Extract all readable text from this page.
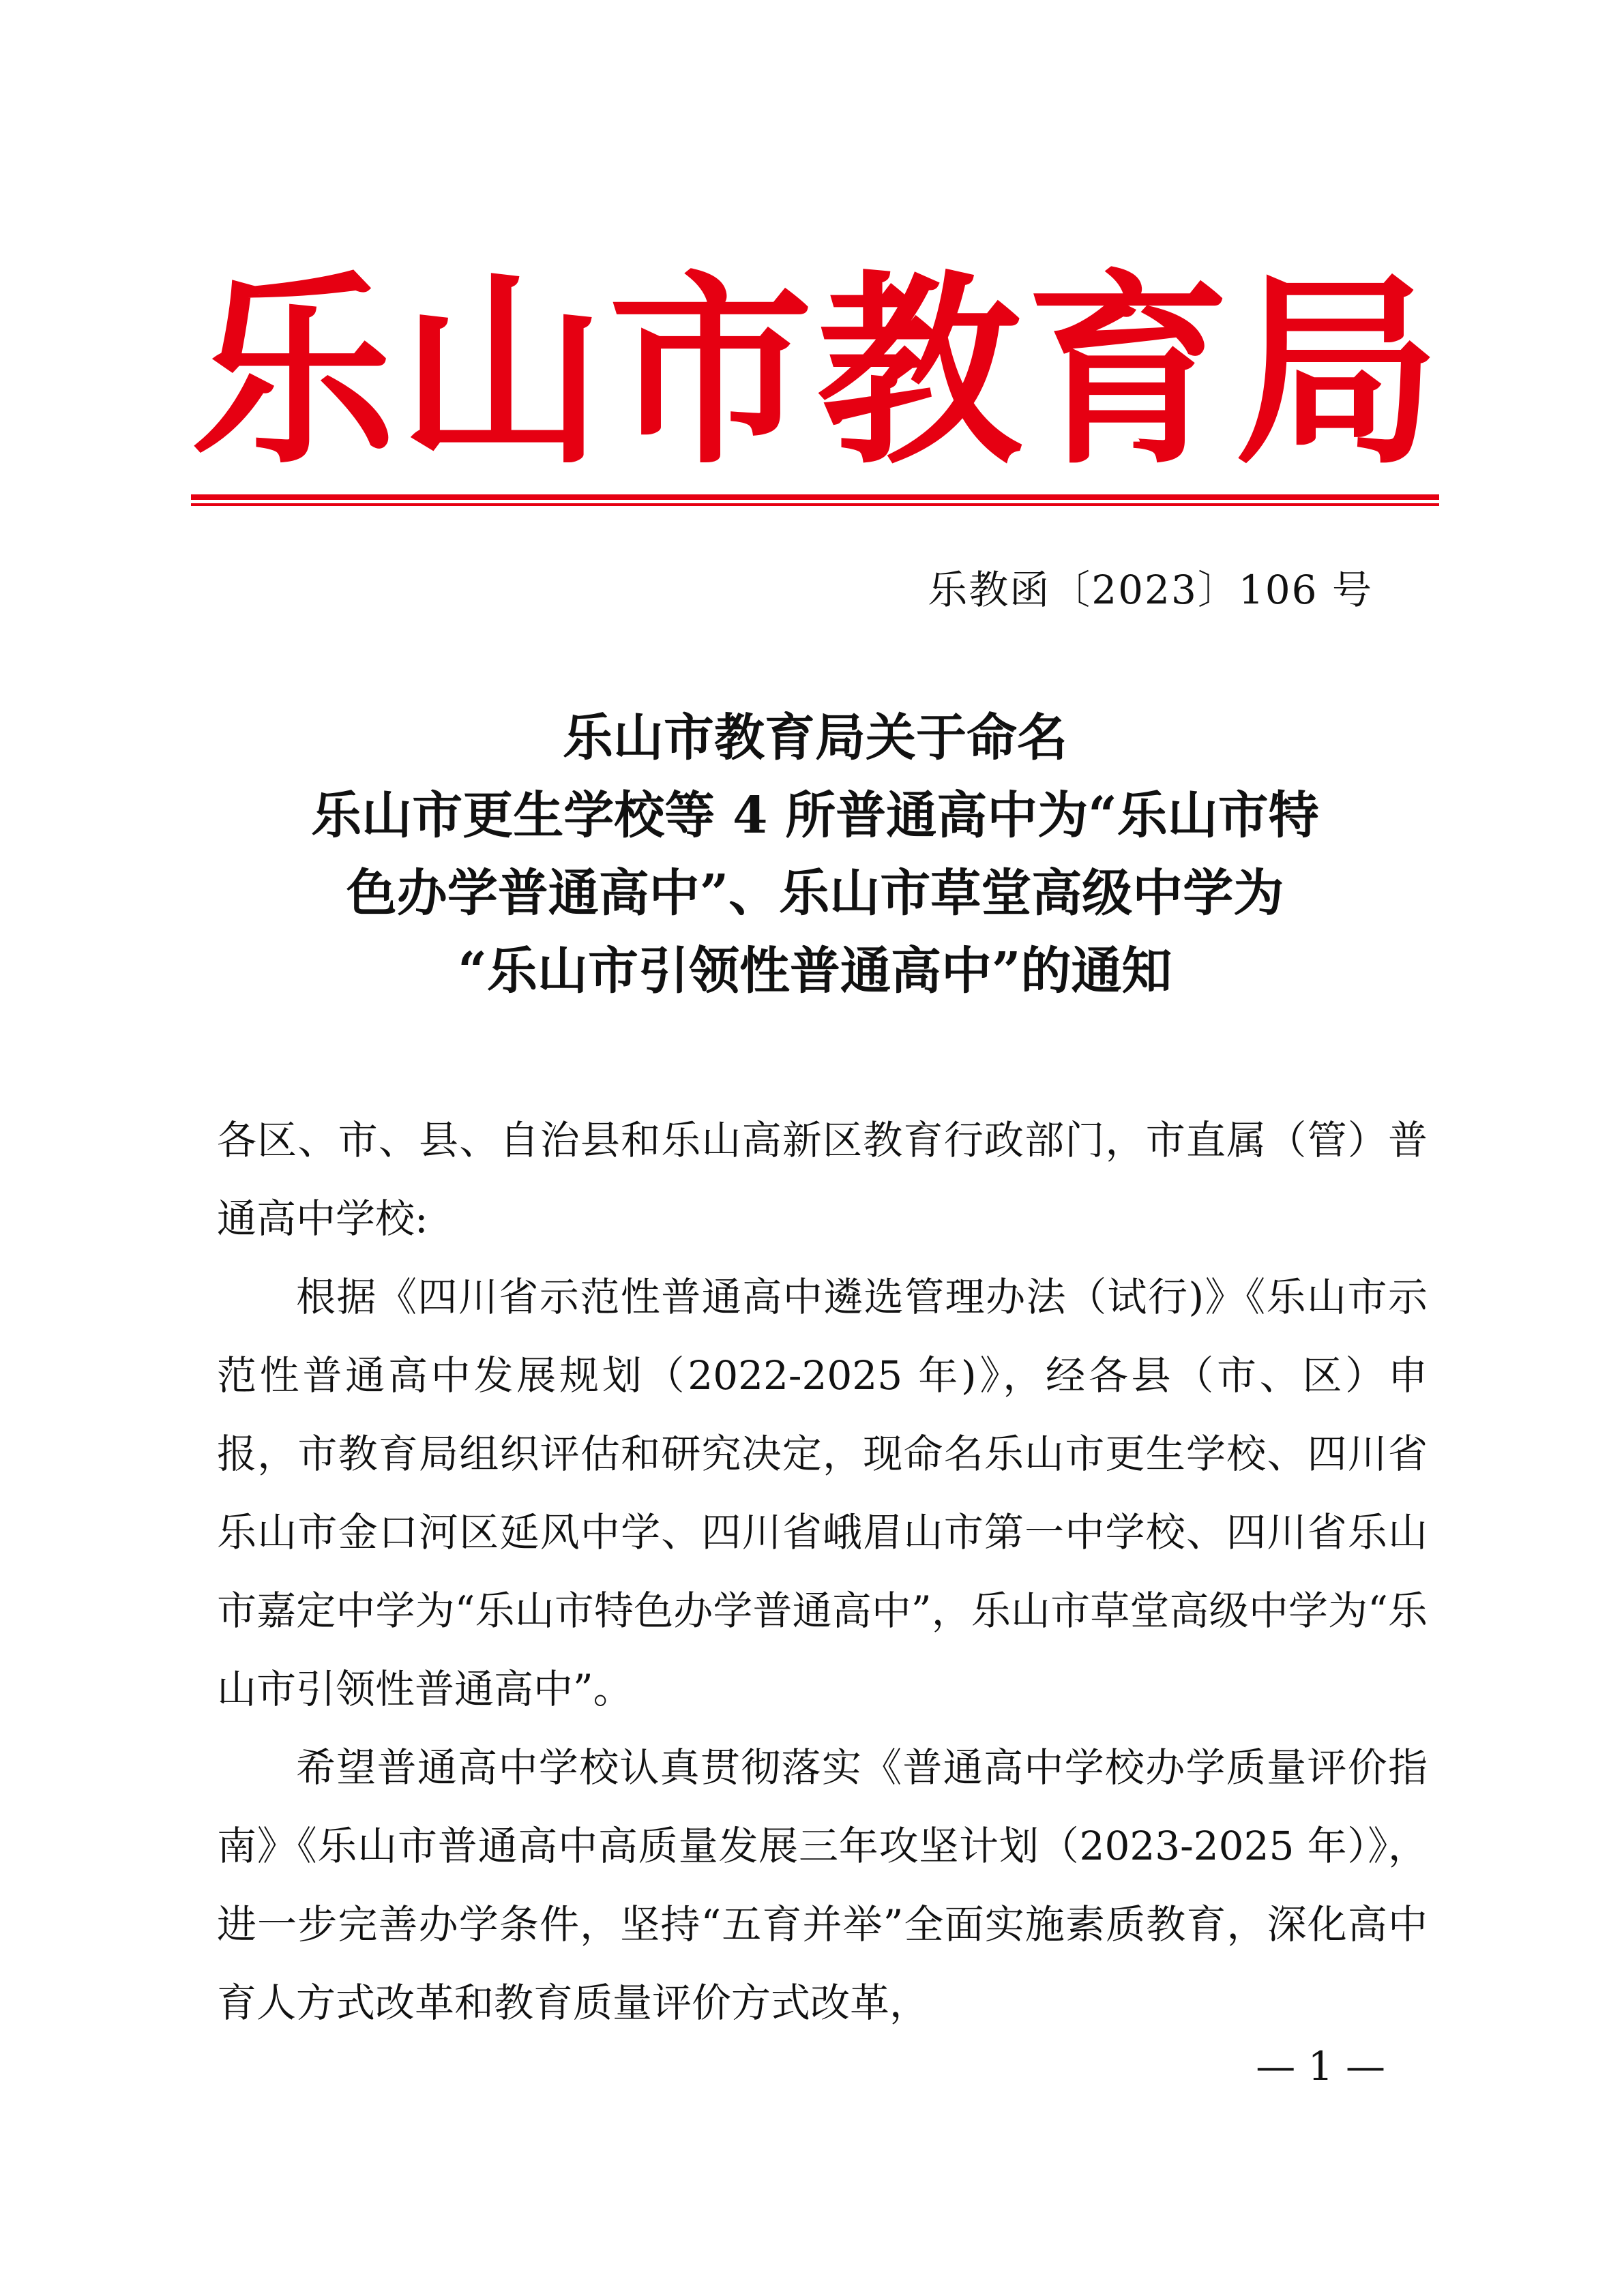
乐 山 市 教 育 局
乐教函〔2023〕106 号
乐山市教育局关于命名
乐山市更生学校等 4 所普通高中为“乐山市特
色办学普通高中”、乐山市草堂高级中学为
“乐山市引领性普通高中”的通知

各区、市、县、自治县和乐山高新区教育行政部门，市直属（管）普通高中学校:

根据《四川省示范性普通高中遴选管理办法（试行)》《乐山市示范性普通高中发展规划（2022-2025 年)》，经各县（市、区）申报，市教育局组织评估和研究决定，现命名乐山市更生学校、四川省乐山市金口河区延风中学、四川省峨眉山市第一中学校、四川省乐山市嘉定中学为“乐山市特色办学普通高中”，乐山市草堂高级中学为“乐山市引领性普通高中”。

希望普通高中学校认真贯彻落实《普通高中学校办学质量评价指南》《乐山市普通高中高质量发展三年攻坚计划（2023-2025 年）》，进一步完善办学条件，坚持“五育并举”全面实施素质教育，深化高中育人方式改革和教育质量评价方式改革，

— 1 —
